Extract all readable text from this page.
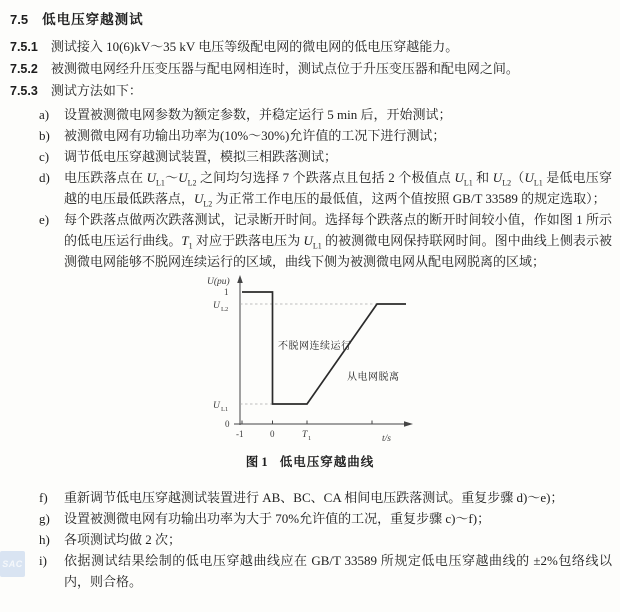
7.5 低电压穿越测试

7.5.1 测试接入 10(6)kV～35 kV 电压等级配电网的微电网的低电压穿越能力。

7.5.2 被测微电网经升压变压器与配电网相连时，测试点位于升压变压器和配电网之间。

7.5.3 测试方法如下：

a)	设置被测微电网参数为额定参数，并稳定运行 5 min 后，开始测试；
b)	被测微电网有功输出功率为(10%～30%)允许值的工况下进行测试；
c)	调节低电压穿越测试装置，模拟三相跌落测试；
d)	电压跌落点在 $U_{L1}\sim U_{L2}$ 之间均匀选择 7 个跌落点且包括 2 个极值点 $U_{L1}$ 和 $U_{L2}(U_{L1}$ 是低电压穿越的电压最低跌落点，$U_{L2}$ 为正常工作电压的最低值，这两个值按照 GB/T 33589 的规定选取）；
e)	每个跌落点做两次跌落测试，记录断开时间。选择每个跌落点的断开时间较小值，作如图 1 所示的低电压运行曲线。$T_1$ 对应于跌落电压为 $U_{L1}$ 的被测微电网保持联网时间。图中曲线上侧表示被测微电网能够不脱网连续运行的区域，曲线下侧为被测微电网从配电网脱离的区域；
U(pu)
1
U L2
U L1
0
-1	0	T 1	t/s
不脱网连续运行
从电网脱离
图 1 低电压穿越曲线
f)	重新调节低电压穿越测试装置进行 AB、BC、CA 相间电压跌落测试。重复步骤 d)～e)；
g)	设置被测微电网有功输出功率为大于 70%允许值的工况，重复步骤 c)～f)；
h)	各项测试均做 2 次；
i)	依据测试结果绘制的低电压穿越曲线应在 GB/T 33589 所规定低电压穿越曲线的 ±2%包络线以内，则合格。
SAC
